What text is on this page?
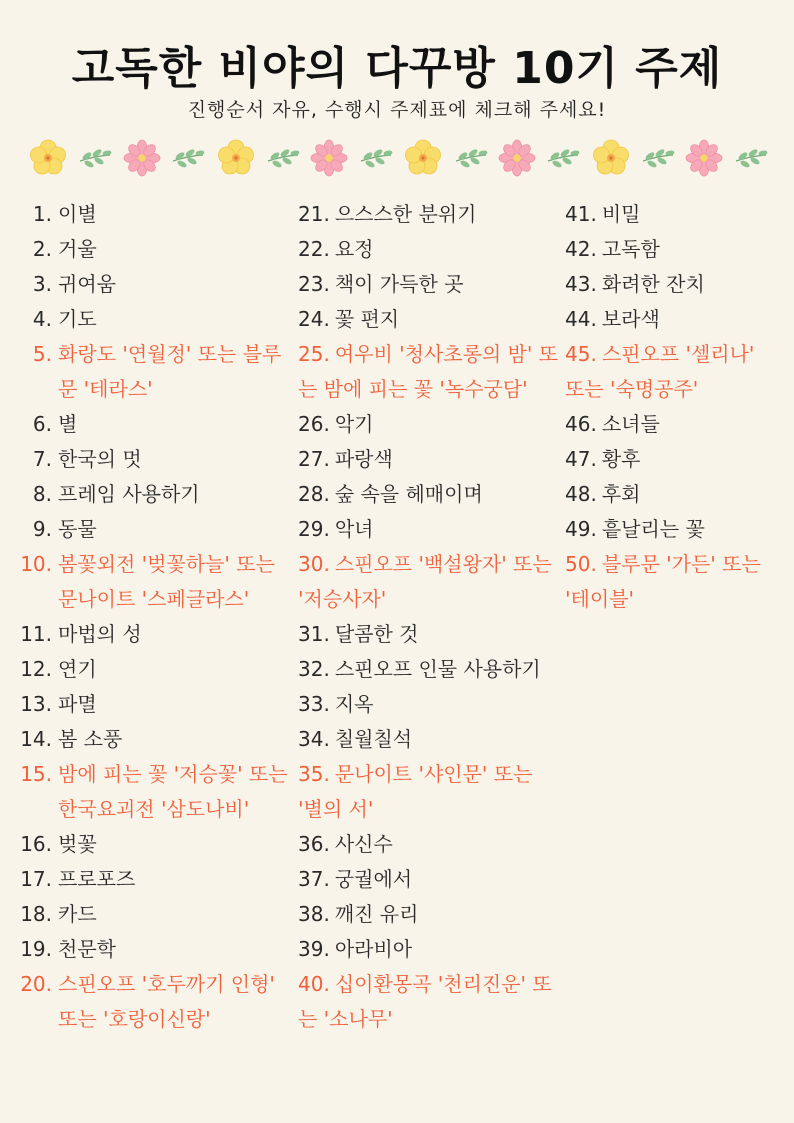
고독한 비야의 다꾸방 10기 주제
진행순서 자유, 수행시 주제표에 체크해 주세요!
1. 이별
2. 거울
3. 귀여움
4. 기도
5. 화랑도 '연월정' 또는 블루문 '테라스'
6. 별
7. 한국의 멋
8. 프레임 사용하기
9. 동물
10. 봄꽃외전 '벚꽃하늘' 또는 문나이트 '스페글라스'
11. 마법의 성
12. 연기
13. 파멸
14. 봄 소풍
15. 밤에 피는 꽃 '저승꽃' 또는 한국요괴전 '삼도나비'
16. 벚꽃
17. 프로포즈
18. 카드
19. 천문학
20. 스핀오프 '호두까기 인형' 또는 '호랑이신랑'
21. 으스스한 분위기
22. 요정
23. 책이 가득한 곳
24. 꽃 편지
25. 여우비 '청사초롱의 밤' 또는 밤에 피는 꽃 '녹수궁담'
26. 악기
27. 파랑색
28. 숲 속을 헤매이며
29. 악녀
30. 스핀오프 '백설왕자' 또는 '저승사자'
31. 달콤한 것
32. 스핀오프 인물 사용하기
33. 지옥
34. 칠월칠석
35. 문나이트 '샤인문' 또는 '별의 서'
36. 사신수
37. 궁궐에서
38. 깨진 유리
39. 아라비아
40. 십이환몽곡 '천리진운' 또는 '소나무'
41. 비밀
42. 고독함
43. 화려한 잔치
44. 보라색
45. 스핀오프 '셀리나' 또는 '숙명공주'
46. 소녀들
47. 황후
48. 후회
49. 흩날리는 꽃
50. 블루문 '가든' 또는 '테이블'
